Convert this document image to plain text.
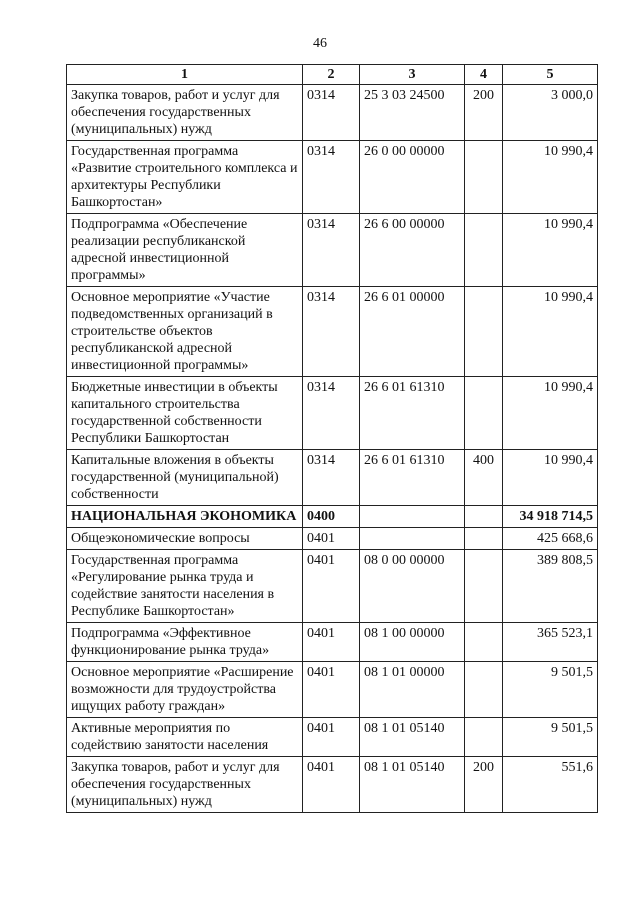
46
1	2	3	4	5
Закупка товаров, работ и услуг для обеспечения государственных (муниципальных) нужд	0314	25 3 03 24500	200	3 000,0
Государственная программа «Развитие строительного комплекса и архитектуры Республики Башкортостан»	0314	26 0 00 00000		10 990,4
Подпрограмма «Обеспечение реализации республиканской адресной инвестиционной программы»	0314	26 6 00 00000		10 990,4
Основное мероприятие «Участие подведомственных организаций в строительстве объектов республиканской адресной инвестиционной программы»	0314	26 6 01 00000		10 990,4
Бюджетные инвестиции в объекты капитального строительства государственной собственности Республики Башкортостан	0314	26 6 01 61310		10 990,4
Капитальные вложения в объекты государственной (муниципальной) собственности	0314	26 6 01 61310	400	10 990,4
НАЦИОНАЛЬНАЯ ЭКОНОМИКА	0400			34 918 714,5
Общеэкономические вопросы	0401			425 668,6
Государственная программа «Регулирование рынка труда и содействие занятости населения в Республике Башкортостан»	0401	08 0 00 00000		389 808,5
Подпрограмма «Эффективное функционирование рынка труда»	0401	08 1 00 00000		365 523,1
Основное мероприятие «Расширение возможности для трудоустройства ищущих работу граждан»	0401	08 1 01 00000		9 501,5
Активные мероприятия по содействию занятости населения	0401	08 1 01 05140		9 501,5
Закупка товаров, работ и услуг для обеспечения государственных (муниципальных) нужд	0401	08 1 01 05140	200	551,6
